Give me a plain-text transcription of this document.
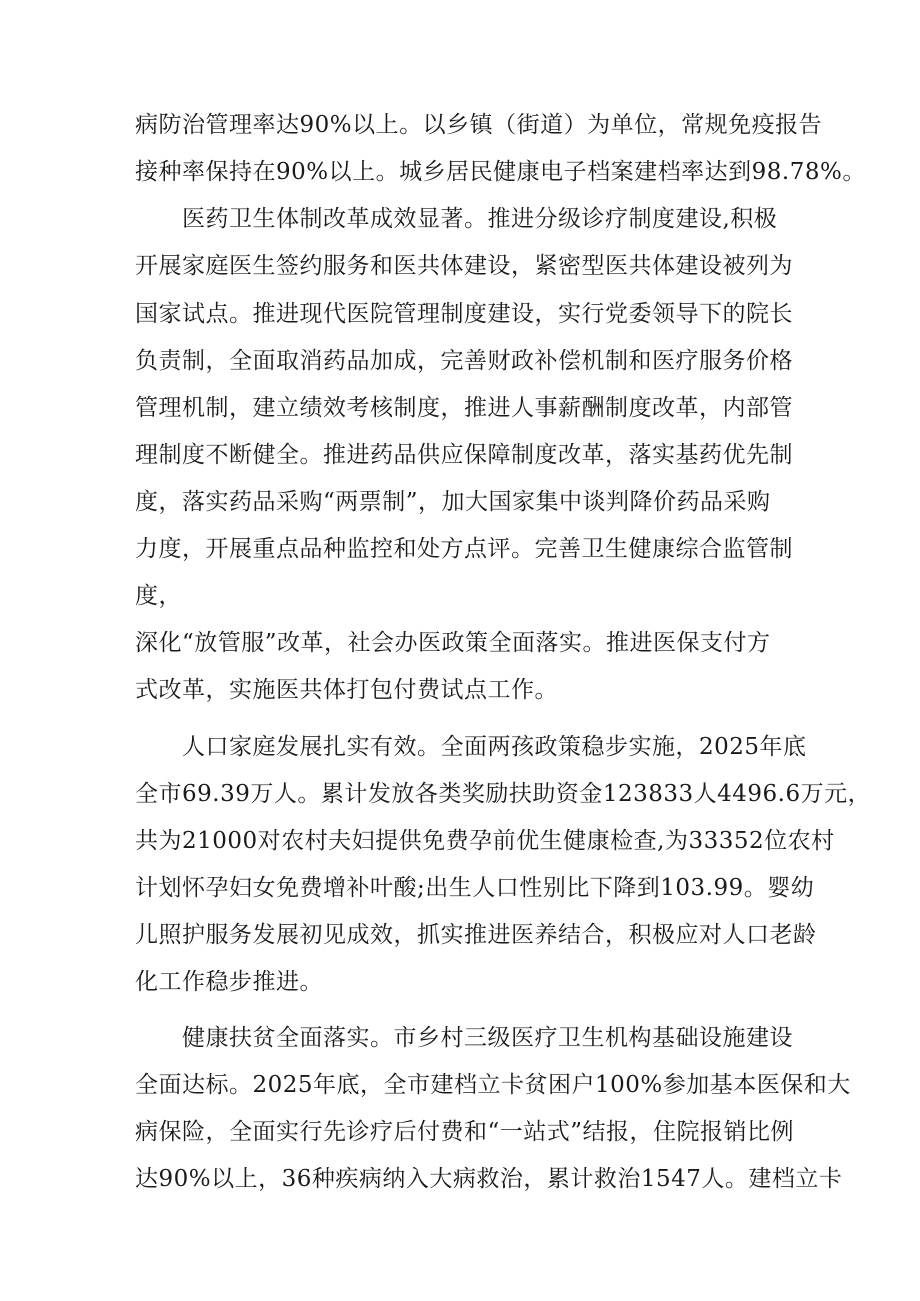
病防治管理率达90%以上。以乡镇（街道）为单位，常规免疫报告
接种率保持在90%以上。城乡居民健康电子档案建档率达到98.78%。
医药卫生体制改革成效显著。推进分级诊疗制度建设,积极
开展家庭医生签约服务和医共体建设，紧密型医共体建设被列为
国家试点。推进现代医院管理制度建设，实行党委领导下的院长
负责制，全面取消药品加成，完善财政补偿机制和医疗服务价格
管理机制，建立绩效考核制度，推进人事薪酬制度改革，内部管
理制度不断健全。推进药品供应保障制度改革，落实基药优先制
度，落实药品采购“两票制”，加大国家集中谈判降价药品采购
力度，开展重点品种监控和处方点评。完善卫生健康综合监管制
度，
深化“放管服”改革，社会办医政策全面落实。推进医保支付方
式改革，实施医共体打包付费试点工作。
人口家庭发展扎实有效。全面两孩政策稳步实施，2025年底
全市69.39万人。累计发放各类奖励扶助资金123833人4496.6万元，
共为21000对农村夫妇提供免费孕前优生健康检查,为33352位农村
计划怀孕妇女免费增补叶酸;出生人口性别比下降到103.99。婴幼
儿照护服务发展初见成效，抓实推进医养结合，积极应对人口老龄
化工作稳步推进。
健康扶贫全面落实。市乡村三级医疗卫生机构基础设施建设
全面达标。2025年底，全市建档立卡贫困户100%参加基本医保和大
病保险，全面实行先诊疗后付费和“一站式”结报，住院报销比例
达90%以上，36种疾病纳入大病救治，累计救治1547人。建档立卡
